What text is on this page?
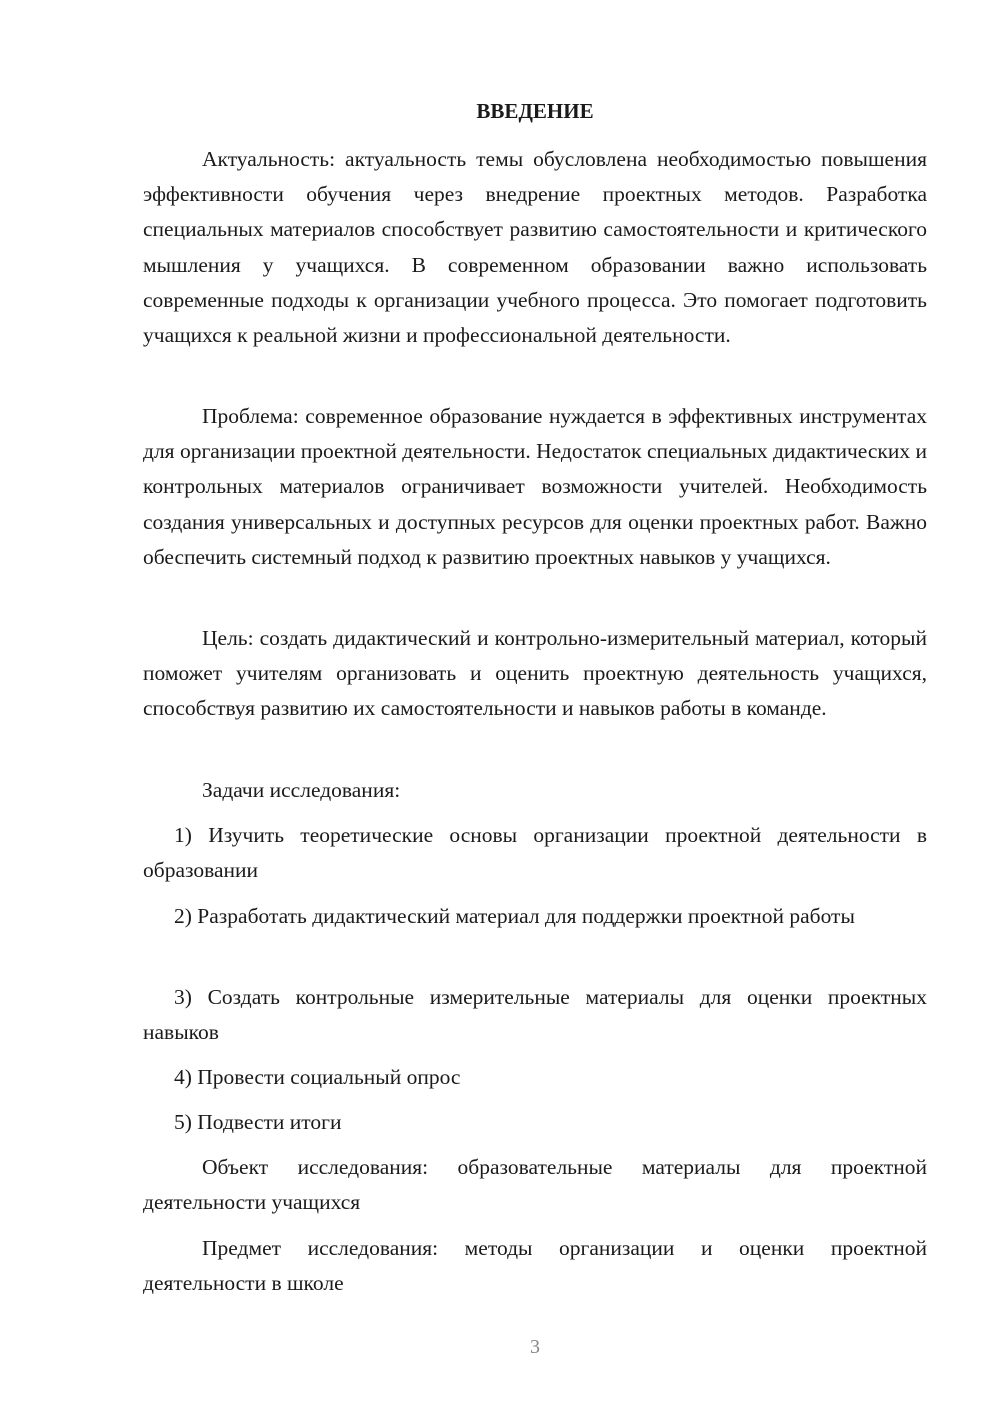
ВВЕДЕНИЕ

Актуальность: актуальность темы обусловлена необходимостью повышения эффективности обучения через внедрение проектных методов. Разработка специальных материалов способствует развитию самостоятельности и критического мышления у учащихся. В современном образовании важно использовать современные подходы к организации учебного процесса. Это помогает подготовить учащихся к реальной жизни и профессиональной деятельности.

Проблема: современное образование нуждается в эффективных инструментах для организации проектной деятельности. Недостаток специальных дидактических и контрольных материалов ограничивает возможности учителей. Необходимость создания универсальных и доступных ресурсов для оценки проектных работ. Важно обеспечить системный подход к развитию проектных навыков у учащихся.

Цель: создать дидактический и контрольно-измерительный материал, который поможет учителям организовать и оценить проектную деятельность учащихся, способствуя развитию их самостоятельности и навыков работы в команде.

Задачи исследования:

1) Изучить теоретические основы организации проектной деятельности в образовании

2) Разработать дидактический материал для поддержки проектной работы

3) Создать контрольные измерительные материалы для оценки проектных навыков

4) Провести социальный опрос

5) Подвести итоги

Объект исследования: образовательные материалы для проектной деятельности учащихся

Предмет исследования: методы организации и оценки проектной деятельности в школе

3
